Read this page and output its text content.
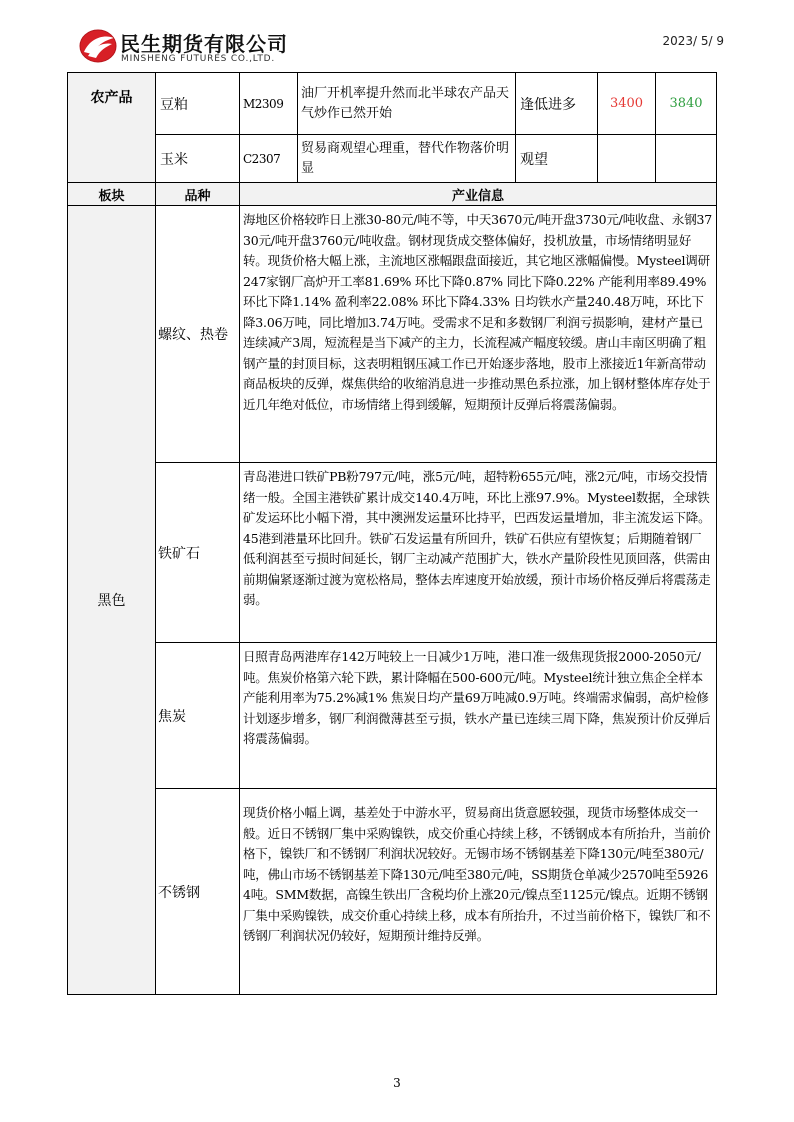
民生期货有限公司
MINSHENG FUTURES CO.,LTD.
2023/ 5/ 9
农产品	豆粕	M2309	油厂开机率提升然而北半球农产品天气炒作已然开始	逢低进多	3400	3840
	玉米	C2307	贸易商观望心理重，替代作物落价明显	观望		
板块	品种	产业信息				
黑色	螺纹、热卷	海地区价格较昨日上涨30-80元/吨不等，中天3670元/吨开盘3730元/吨收盘、永钢3730元/吨开盘3760元/吨收盘。钢材现货成交整体偏好，投机放量，市场情绪明显好转。现货价格大幅上涨，主流地区涨幅跟盘面接近，其它地区涨幅偏慢。Mysteel调研247家钢厂高炉开工率81.69% 环比下降0.87% 同比下降0.22% 产能利用率89.49% 环比下降1.14% 盈利率22.08% 环比下降4.33% 日均铁水产量240.48万吨，环比下降3.06万吨，同比增加3.74万吨。受需求不足和多数钢厂利润亏损影响，建材产量已连续减产3周，短流程是当下减产的主力，长流程减产幅度较缓。唐山丰南区明确了粗钢产量的封顶目标，这表明粗钢压减工作已开始逐步落地，股市上涨接近1年新高带动商品板块的反弹，煤焦供给的收缩消息进一步推动黑色系拉涨，加上钢材整体库存处于近几年绝对低位，市场情绪上得到缓解，短期预计反弹后将震荡偏弱。				
	铁矿石	青岛港进口铁矿PB粉797元/吨，涨5元/吨，超特粉655元/吨，涨2元/吨，市场交投情绪一般。全国主港铁矿累计成交140.4万吨，环比上涨97.9%。Mysteel数据，全球铁矿发运环比小幅下滑，其中澳洲发运量环比持平，巴西发运量增加，非主流发运下降。45港到港量环比回升。铁矿石发运量有所回升，铁矿石供应有望恢复；后期随着钢厂低利润甚至亏损时间延长，钢厂主动减产范围扩大，铁水产量阶段性见顶回落，供需由前期偏紧逐渐过渡为宽松格局，整体去库速度开始放缓，预计市场价格反弹后将震荡走弱。				
	焦炭	日照青岛两港库存142万吨较上一日减少1万吨，港口准一级焦现货报2000-2050元/吨。焦炭价格第六轮下跌，累计降幅在500-600元/吨。Mysteel统计独立焦企全样本产能利用率为75.2%减1% 焦炭日均产量69万吨减0.9万吨。终端需求偏弱，高炉检修计划逐步增多，钢厂利润微薄甚至亏损，铁水产量已连续三周下降，焦炭预计价反弹后将震荡偏弱。				
	不锈钢	现货价格小幅上调，基差处于中游水平，贸易商出货意愿较强，现货市场整体成交一般。近日不锈钢厂集中采购镍铁，成交价重心持续上移，不锈钢成本有所抬升，当前价格下，镍铁厂和不锈钢厂利润状况较好。无锡市场不锈钢基差下降130元/吨至380元/吨，佛山市场不锈钢基差下降130元/吨至380元/吨，SS期货仓单减少2570吨至59264吨。SMM数据，高镍生铁出厂含税均价上涨20元/镍点至1125元/镍点。近期不锈钢厂集中采购镍铁，成交价重心持续上移，成本有所抬升，不过当前价格下，镍铁厂和不锈钢厂利润状况仍较好，短期预计维持反弹。				
3
